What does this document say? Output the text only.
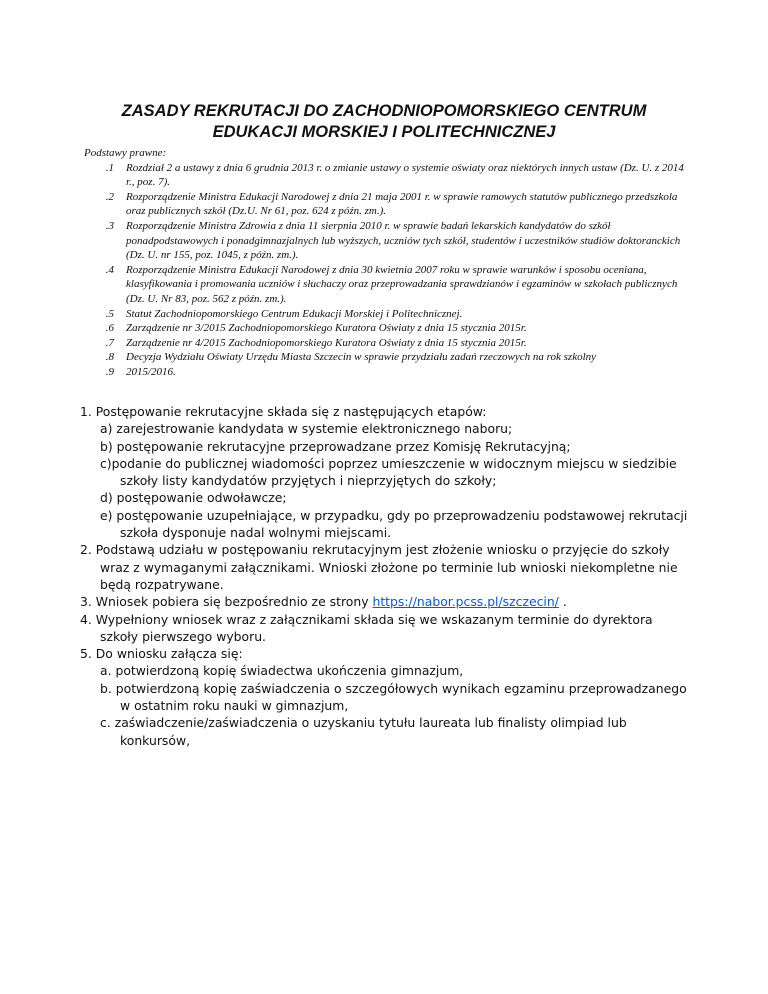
ZASADY REKRUTACJI DO ZACHODNIOPOMORSKIEGO CENTRUM
EDUKACJI MORSKIEJ I POLITECHNICZNEJ

Podstawy prawne:

1. Rozdział 2 a ustawy z dnia 6 grudnia 2013 r. o zmianie ustawy o systemie oświaty oraz niektórych innych ustaw (Dz. U. z 2014 r., poz. 7).
2. Rozporządzenie Ministra Edukacji Narodowej z dnia 21 maja 2001 r. w sprawie ramowych statutów publicznego przedszkola oraz publicznych szkół (Dz.U. Nr 61, poz. 624 z późn. zm.).
3. Rozporządzenie Ministra Zdrowia z dnia 11 sierpnia 2010 r. w sprawie badań lekarskich kandydatów do szkół ponadpodstawowych i ponadgimnazjalnych lub wyższych, uczniów tych szkół, studentów i uczestników studiów doktoranckich (Dz. U. nr 155, poz. 1045, z późn. zm.).
4. Rozporządzenie Ministra Edukacji Narodowej z dnia 30 kwietnia 2007 roku w sprawie warunków i sposobu oceniana, klasyfikowania i promowania uczniów i słuchaczy oraz przeprowadzania sprawdzianów i egzaminów w szkołach publicznych (Dz. U. Nr 83, poz. 562 z późn. zm.).
5. Statut Zachodniopomorskiego Centrum Edukacji Morskiej i Politechnicznej.
6. Zarządzenie nr 3/2015 Zachodniopomorskiego Kuratora Oświaty z dnia 15 stycznia 2015r.
7. Zarządzenie nr 4/2015 Zachodniopomorskiego Kuratora Oświaty z dnia 15 stycznia 2015r.
8. Decyzja Wydziału Oświaty Urzędu Miasta Szczecin w sprawie przydziału zadań rzeczowych na rok szkolny
9. 2015/2016.

1. Postępowanie rekrutacyjne składa się z następujących etapów:

a) zarejestrowanie kandydata w systemie elektronicznego naboru;

b) postępowanie rekrutacyjne przeprowadzane przez Komisję Rekrutacyjną;

c)podanie do publicznej wiadomości poprzez umieszczenie w widocznym miejscu w siedzibie szkoły listy kandydatów przyjętych i nieprzyjętych do szkoły;

d) postępowanie odwoławcze;

e) postępowanie uzupełniające, w przypadku, gdy po przeprowadzeniu podstawowej rekrutacji szkoła dysponuje nadal wolnymi miejscami.

2. Podstawą udziału w postępowaniu rekrutacyjnym jest złożenie wniosku o przyjęcie do szkoły wraz z wymaganymi załącznikami. Wnioski złożone po terminie lub wnioski niekompletne nie będą rozpatrywane.

3. Wniosek pobiera się bezpośrednio ze strony https://nabor.pcss.pl/szczecin/ .

4. Wypełniony wniosek wraz z załącznikami składa się we wskazanym terminie do dyrektora szkoły pierwszego wyboru.

5. Do wniosku załącza się:

a. potwierdzoną kopię świadectwa ukończenia gimnazjum,

b. potwierdzoną kopię zaświadczenia o szczegółowych wynikach egzaminu przeprowadzanego w ostatnim roku nauki w gimnazjum,

c. zaświadczenie/zaświadczenia o uzyskaniu tytułu laureata lub finalisty olimpiad lub konkursów,
